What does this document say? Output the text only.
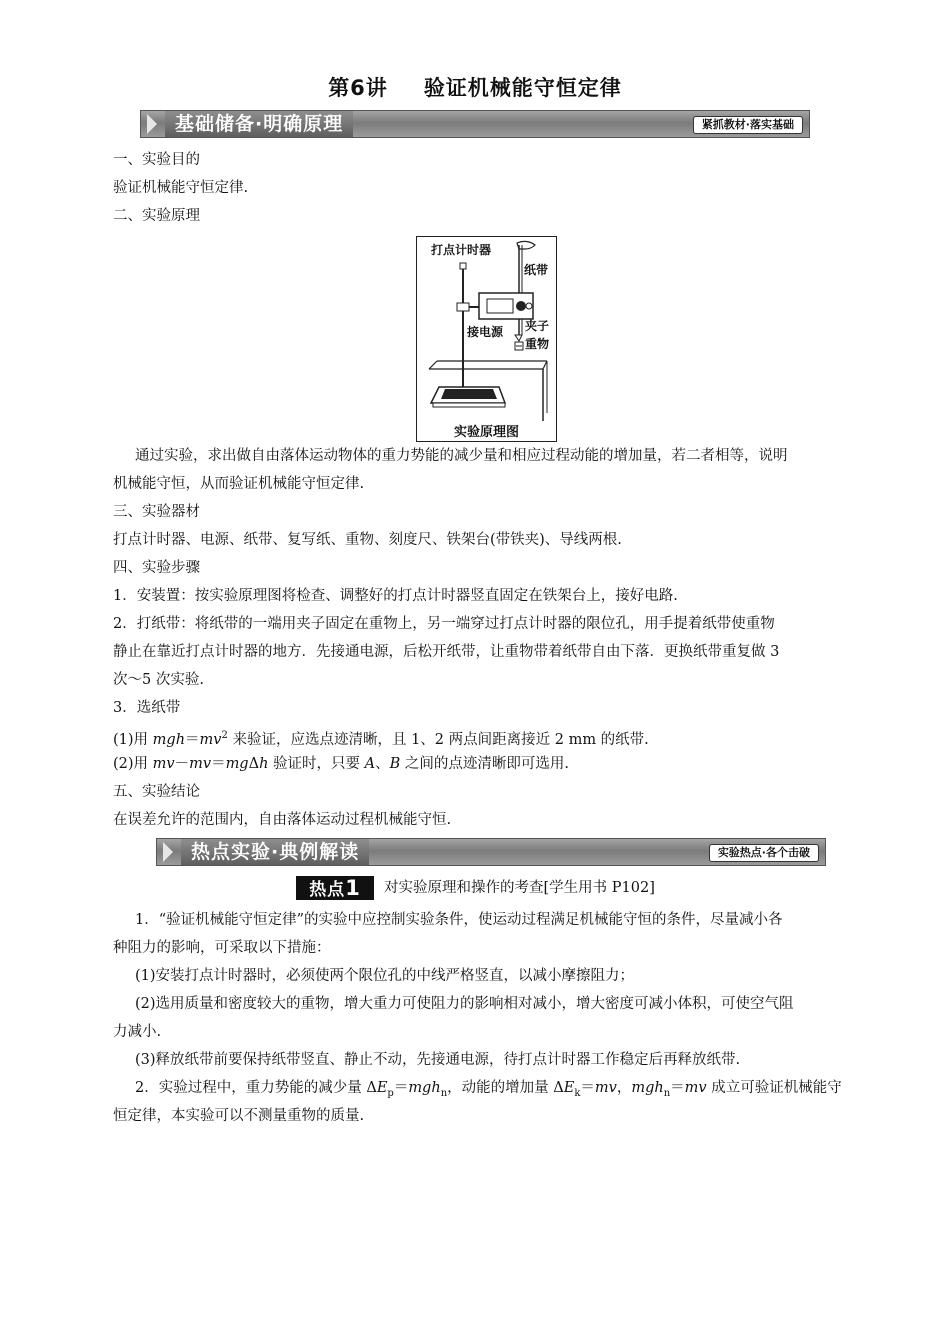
第6讲 验证机械能守恒定律
基础储备·明确原理	紧抓教材·落实基础
一、实验目的
验证机械能守恒定律.
二、实验原理
打点计时器
纸带
接电源 夹子
重物
实验原理图
通过实验，求出做自由落体运动物体的重力势能的减少量和相应过程动能的增加量，若二者相等，说明
机械能守恒，从而验证机械能守恒定律.
三、实验器材
打点计时器、电源、纸带、复写纸、重物、刻度尺、铁架台(带铁夹)、导线两根.
四、实验步骤
1．安装置：按实验原理图将检查、调整好的打点计时器竖直固定在铁架台上，接好电路.
2．打纸带：将纸带的一端用夹子固定在重物上，另一端穿过打点计时器的限位孔，用手提着纸带使重物
静止在靠近打点计时器的地方．先接通电源，后松开纸带，让重物带着纸带自由下落．更换纸带重复做 3
次～5 次实验.
3．选纸带
(1)用 $mgh=mv^2$ 来验证，应选点迹清晰，且 1、2 两点间距离接近 2 mm 的纸带.
(2)用 mv－mv＝mgΔh 验证时，只要 A、B 之间的点迹清晰即可选用.
五、实验结论
在误差允许的范围内，自由落体运动过程机械能守恒.
热点实验·典例解读	实验热点·各个击破
热点1	对实验原理和操作的考查[学生用书 P102]
1．“验证机械能守恒定律”的实验中应控制实验条件，使运动过程满足机械能守恒的条件，尽量减小各
种阻力的影响，可采取以下措施：
(1)安装打点计时器时，必须使两个限位孔的中线严格竖直，以减小摩擦阻力；
(2)选用质量和密度较大的重物，增大重力可使阻力的影响相对减小，增大密度可减小体积，可使空气阻
力减小.
(3)释放纸带前要保持纸带竖直、静止不动，先接通电源，待打点计时器工作稳定后再释放纸带.
2．实验过程中，重力势能的减少量 $\Delta E_p=mgh_n$，动能的增加量 $\Delta E_k=mv$，mgh$_n$＝mv 成立可验证机械能守
恒定律，本实验可以不测量重物的质量.
